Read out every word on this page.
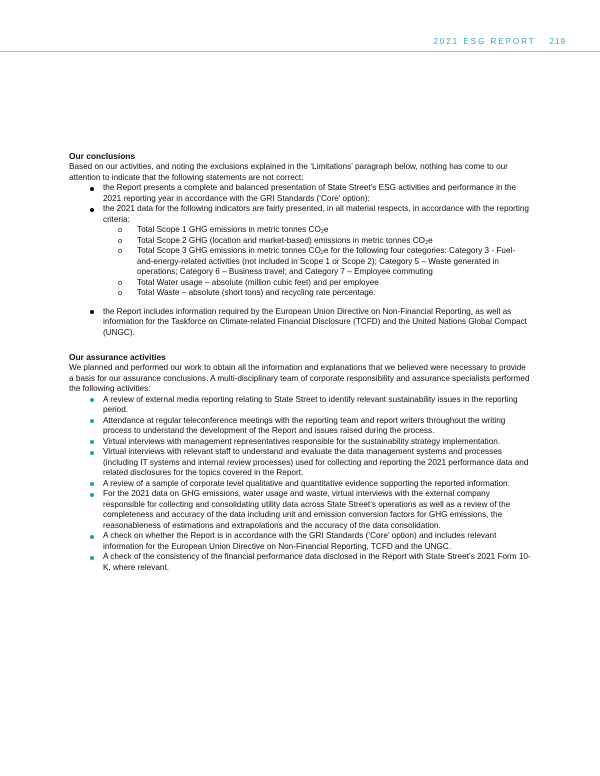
2021 ESG REPORT 219
Our conclusions

Based on our activities, and noting the exclusions explained in the ‘Limitations’ paragraph below, nothing has come to our attention to indicate that the following statements are not correct:

the Report presents a complete and balanced presentation of State Street’s ESG activities and performance in the 2021 reporting year in accordance with the GRI Standards (‘Core’ option);
the 2021 data for the following indicators are fairly presented, in all material respects, in accordance with the reporting criteria:
o Total Scope 1 GHG emissions in metric tonnes $CO_2e$
o Total Scope 2 GHG (location and market-based) emissions in metric tonnes $CO_2e$
o Total Scope 3 GHG emissions in metric tonnes $CO_2e$ for the following four categories: Category 3 - Fuel-and-energy-related activities (not included in Scope 1 or Scope 2); Category 5 – Waste generated in operations; Category 6 – Business travel; and Category 7 – Employee commuting
o Total Water usage – absolute (million cubic feet) and per employee
o Total Waste – absolute (short tons) and recycling rate percentage.
the Report includes information required by the European Union Directive on Non-Financial Reporting, as well as information for the Taskforce on Climate-related Financial Disclosure (TCFD) and the United Nations Global Compact (UNGC).
Our assurance activities

We planned and performed our work to obtain all the information and explanations that we believed were necessary to provide a basis for our assurance conclusions. A multi-disciplinary team of corporate responsibility and assurance specialists performed the following activities:

A review of external media reporting relating to State Street to identify relevant sustainability issues in the reporting period.
Attendance at regular teleconference meetings with the reporting team and report writers throughout the writing process to understand the development of the Report and issues raised during the process.
Virtual interviews with management representatives responsible for the sustainability strategy implementation.
Virtual interviews with relevant staff to understand and evaluate the data management systems and processes (including IT systems and internal review processes) used for collecting and reporting the 2021 performance data and related disclosures for the topics covered in the Report.
A review of a sample of corporate level qualitative and quantitative evidence supporting the reported information.
For the 2021 data on GHG emissions, water usage and waste, virtual interviews with the external company responsible for collecting and consolidating utility data across State Street’s operations as well as a review of the completeness and accuracy of the data including unit and emission conversion factors for GHG emissions, the reasonableness of estimations and extrapolations and the accuracy of the data consolidation.
A check on whether the Report is in accordance with the GRI Standards (‘Core’ option) and includes relevant information for the European Union Directive on Non-Financial Reporting, TCFD and the UNGC.
A check of the consistency of the financial performance data disclosed in the Report with State Street’s 2021 Form 10-K, where relevant.
